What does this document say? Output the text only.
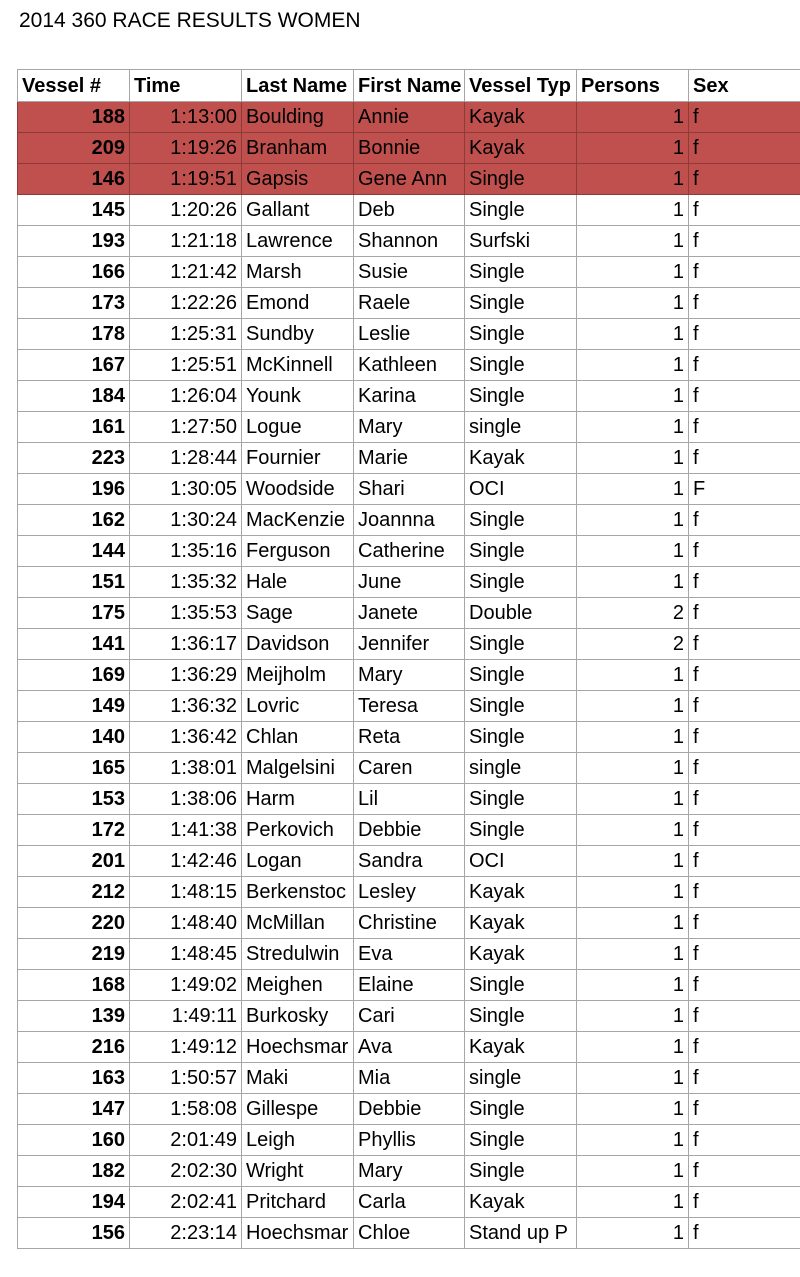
2014 360 RACE RESULTS WOMEN
Vessel #	Time	Last Name	First Name	Vessel Typ	Persons	Sex
188	1:13:00	Boulding	Annie	Kayak	1	f
209	1:19:26	Branham	Bonnie	Kayak	1	f
146	1:19:51	Gapsis	Gene Ann	Single	1	f
145	1:20:26	Gallant	Deb	Single	1	f
193	1:21:18	Lawrence	Shannon	Surfski	1	f
166	1:21:42	Marsh	Susie	Single	1	f
173	1:22:26	Emond	Raele	Single	1	f
178	1:25:31	Sundby	Leslie	Single	1	f
167	1:25:51	McKinnell	Kathleen	Single	1	f
184	1:26:04	Younk	Karina	Single	1	f
161	1:27:50	Logue	Mary	single	1	f
223	1:28:44	Fournier	Marie	Kayak	1	f
196	1:30:05	Woodside	Shari	OCI	1	F
162	1:30:24	MacKenzie	Joannna	Single	1	f
144	1:35:16	Ferguson	Catherine	Single	1	f
151	1:35:32	Hale	June	Single	1	f
175	1:35:53	Sage	Janete	Double	2	f
141	1:36:17	Davidson	Jennifer	Single	2	f
169	1:36:29	Meijholm	Mary	Single	1	f
149	1:36:32	Lovric	Teresa	Single	1	f
140	1:36:42	Chlan	Reta	Single	1	f
165	1:38:01	Malgelsini	Caren	single	1	f
153	1:38:06	Harm	Lil	Single	1	f
172	1:41:38	Perkovich	Debbie	Single	1	f
201	1:42:46	Logan	Sandra	OCI	1	f
212	1:48:15	Berkenstoc	Lesley	Kayak	1	f
220	1:48:40	McMillan	Christine	Kayak	1	f
219	1:48:45	Stredulwin	Eva	Kayak	1	f
168	1:49:02	Meighen	Elaine	Single	1	f
139	1:49:11	Burkosky	Cari	Single	1	f
216	1:49:12	Hoechsmar	Ava	Kayak	1	f
163	1:50:57	Maki	Mia	single	1	f
147	1:58:08	Gillespe	Debbie	Single	1	f
160	2:01:49	Leigh	Phyllis	Single	1	f
182	2:02:30	Wright	Mary	Single	1	f
194	2:02:41	Pritchard	Carla	Kayak	1	f
156	2:23:14	Hoechsmar	Chloe	Stand up P	1	f
